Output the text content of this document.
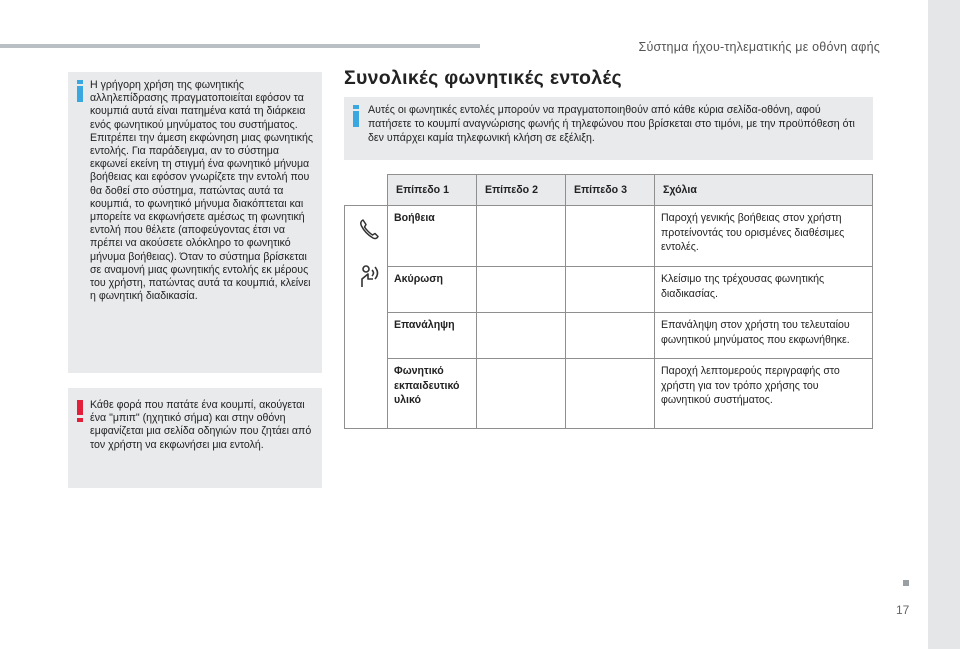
Σύστημα ήχου-τηλεματικής με οθόνη αφής
17
Η γρήγορη χρήση της φωνητικής αλληλεπίδρασης πραγματοποιείται εφόσον τα κουμπιά αυτά είναι πατημένα κατά τη διάρκεια ενός φωνητικού μηνύματος του συστήματος. Επιτρέπει την άμεση εκφώνηση μιας φωνητικής εντολής. Για παράδειγμα, αν το σύστημα εκφωνεί εκείνη τη στιγμή ένα φωνητικό μήνυμα βοήθειας και εφόσον γνωρίζετε την εντολή που θα δοθεί στο σύστημα, πατώντας αυτά τα κουμπιά, το φωνητικό μήνυμα διακόπτεται και μπορείτε να εκφωνήσετε αμέσως τη φωνητική εντολή που θέλετε (αποφεύγοντας έτσι να πρέπει να ακούσετε ολόκληρο το φωνητικό μήνυμα βοήθειας). Όταν το σύστημα βρίσκεται σε αναμονή μιας φωνητικής εντολής εκ μέρους του χρήστη, πατώντας αυτά τα κουμπιά, κλείνει η φωνητική διαδικασία.
Κάθε φορά που πατάτε ένα κουμπί, ακούγεται ένα "μπιπ" (ηχητικό σήμα) και στην οθόνη εμφανίζεται μια σελίδα οδηγιών που ζητάει από τον χρήστη να εκφωνήσει μια εντολή.
Συνολικές φωνητικές εντολές
Αυτές οι φωνητικές εντολές μπορούν να πραγματοποιηθούν από κάθε κύρια σελίδα-οθόνη, αφού πατήσετε το κουμπί αναγνώρισης φωνής ή τηλεφώνου που βρίσκεται στο τιμόνι, με την προϋπόθεση ότι δεν υπάρχει καμία τηλεφωνική κλήση σε εξέλιξη.
	Επίπεδο 1	Επίπεδο 2	Επίπεδο 3	Σχόλια

	Βοήθεια			Παροχή γενικής βοήθειας στον χρήστη προτείνοντάς του ορισμένες διαθέσιμες εντολές.
	Ακύρωση			Κλείσιμο της τρέχουσας φωνητικής διαδικασίας.
	Επανάληψη			Επανάληψη στον χρήστη του τελευταίου φωνητικού μηνύματος που εκφωνήθηκε.
	Φωνητικό εκπαιδευτικό υλικό			Παροχή λεπτομερούς περιγραφής στο χρήστη για τον τρόπο χρήσης του φωνητικού συστήματος.
